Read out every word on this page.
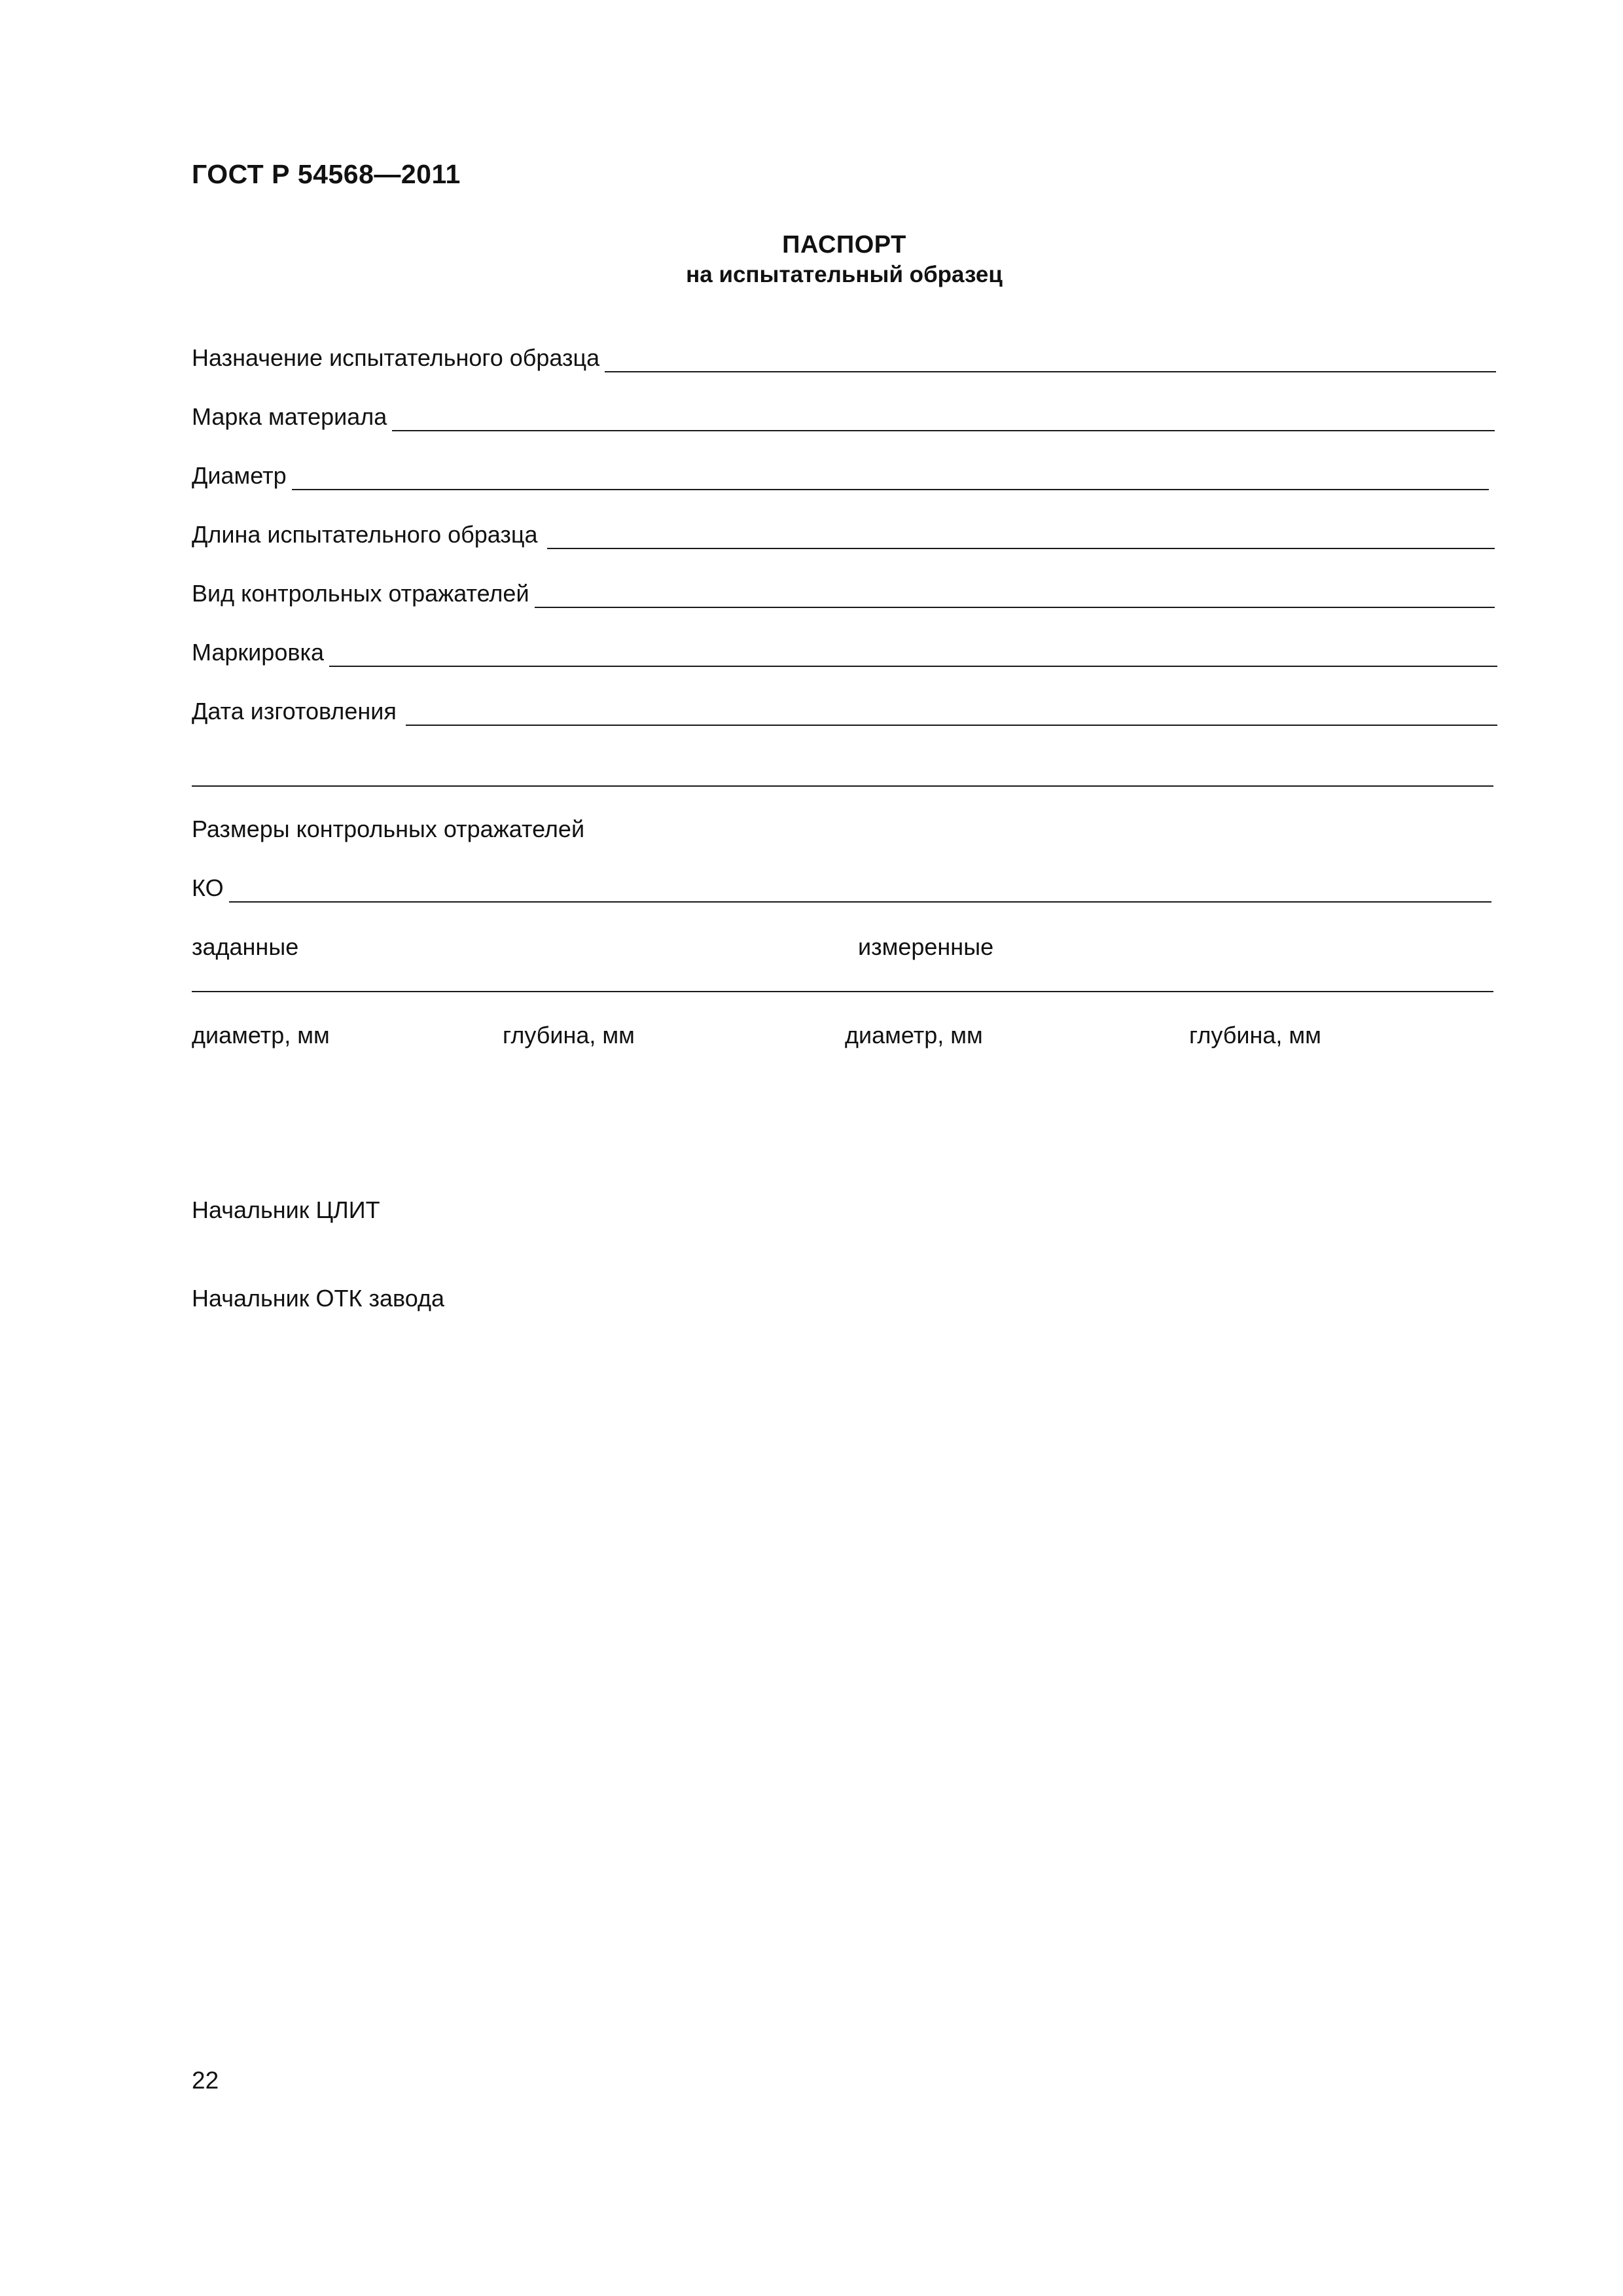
ГОСТ Р 54568—2011
ПАСПОРТ
на испытательный образец
Назначение испытательного образца
Марка материала
Диаметр
Длина испытательного образца
Вид контрольных отражателей
Маркировка
Дата изготовления
Размеры контрольных отражателей
КО
заданные	измеренные
диаметр, мм	глубина, мм	диаметр, мм	глубина, мм
Начальник ЦЛИТ
Начальник ОТК завода
22
